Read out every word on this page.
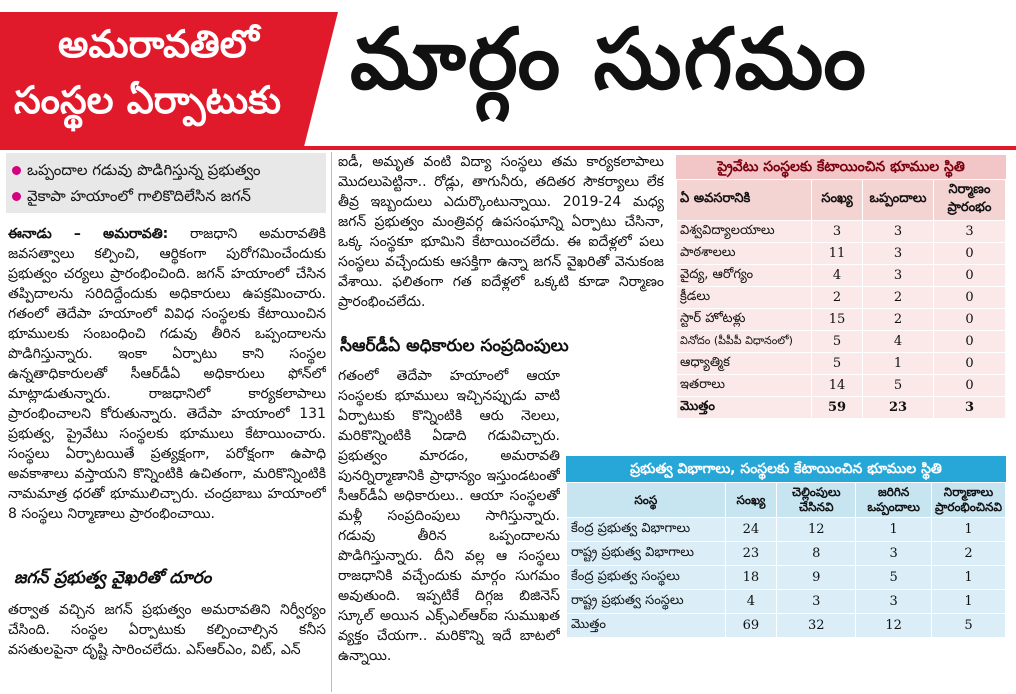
అమరావతిలో
సంస్థల ఏర్పాటుకు మార్గం సుగమం
ఒప్పందాల గడువు పొడిగిస్తున్న ప్రభుత్వం
వైకాపా హయాంలో గాలికొదిలేసిన జగన్
ఈనాడు – అమరావతి: రాజధాని అమరావతికి జవసత్వాలు కల్పించి, ఆర్థికంగా పురోగమించేందుకు ప్రభుత్వం చర్యలు ప్రారంభించింది. జగన్ హయాంలో చేసిన తప్పిదాలను సరిదిద్దేందుకు అధికారులు ఉపక్రమించారు. గతంలో తెదేపా హయాంలో వివిధ సంస్థలకు కేటాయించిన భూములకు సంబంధించి గడువు తీరిన ఒప్పందాలను పొడిగిస్తున్నారు. ఇంకా ఏర్పాటు కాని సంస్థల ఉన్నతాధికారులతో సీఆర్‌డీఏ అధికారులు ఫోన్‌లో మాట్లాడుతున్నారు. రాజధానిలో కార్యకలాపాలు ప్రారంభించాలని కోరుతున్నారు. తెదేపా హయాంలో 131 ప్రభుత్వ, ప్రైవేటు సంస్థలకు భూములు కేటాయించారు. సంస్థలు ఏర్పాటయితే ప్రత్యక్షంగా, పరోక్షంగా ఉపాధి అవకాశాలు వస్తాయని కొన్నింటికి ఉచితంగా, మరికొన్నింటికి నామమాత్ర ధరతో భూములిచ్చారు. చంద్రబాబు హయాంలో 8 సంస్థలు నిర్మాణాలు ప్రారంభించాయి.
జగన్ ప్రభుత్వ వైఖరితో దూరం
తర్వాత వచ్చిన జగన్ ప్రభుత్వం అమరావతిని నిర్వీర్యం చేసింది. సంస్థల ఏర్పాటుకు కల్పించాల్సిన కనీస వసతులపైనా దృష్టి సారించలేదు. ఎస్‌ఆర్‌ఎం, విట్, ఎన్
ఐడీ, అమృత వంటి విద్యా సంస్థలు తమ కార్యకలాపాలు మొదలుపెట్టినా.. రోడ్లు, తాగునీరు, తదితర సౌకర్యాలు లేక తీవ్ర ఇబ్బందులు ఎదుర్కొంటున్నాయి. 2019-24 మధ్య జగన్ ప్రభుత్వం మంత్రివర్గ ఉపసంఘాన్ని ఏర్పాటు చేసినా, ఒక్క సంస్థకూ భూమిని కేటాయించలేదు. ఈ ఐదేళ్లలో పలు సంస్థలు వచ్చేందుకు ఆసక్తిగా ఉన్నా జగన్ వైఖరితో వెనుకంజ వేశాయి. ఫలితంగా గత ఐదేళ్లలో ఒక్కటి కూడా నిర్మాణం ప్రారంభించలేదు.
సీఆర్‌డీఏ అధికారుల సంప్రదింపులు
గతంలో తెదేపా హయాంలో ఆయా సంస్థలకు భూములు ఇచ్చినప్పుడు వాటి ఏర్పాటుకు కొన్నింటికి ఆరు నెలలు, మరికొన్నింటికి ఏడాది గడువిచ్చారు. ప్రభుత్వం మారడం, అమరావతి పునర్నిర్మాణానికి ప్రాధాన్యం ఇస్తుండటంతో సీఆర్‌డీఏ అధికారులు.. ఆయా సంస్థలతో మళ్లీ సంప్రదింపులు సాగిస్తున్నారు. గడువు తీరిన ఒప్పందాలను పొడిగిస్తున్నారు. దీని వల్ల ఆ సంస్థలు రాజధానికి వచ్చేందుకు మార్గం సుగమం అవుతుంది. ఇప్పటికే దిగ్గజ బిజినెస్ స్కూల్ అయిన ఎక్స్‌ఎల్‌ఆర్‌ఐ సుముఖత వ్యక్తం చేయగా.. మరికొన్ని ఇదే బాటలో ఉన్నాయి.
ప్రైవేటు సంస్థలకు కేటాయించిన భూముల స్థితి
ఏ అవసరానికి	సంఖ్య	ఒప్పందాలు	నిర్మాణం ప్రారంభం
విశ్వవిద్యాలయాలు	3	3	3
పాఠశాలలు	11	3	0
వైద్య, ఆరోగ్యం	4	3	0
క్రీడలు	2	2	0
స్టార్ హోటళ్లు	15	2	0
వినోదం (పీపీపీ విధానంలో)	5	4	0
ఆధ్యాత్మిక	5	1	0
ఇతరాలు	14	5	0
మొత్తం	59	23	3
ప్రభుత్వ విభాగాలు, సంస్థలకు కేటాయించిన భూముల స్థితి
సంస్థ	సంఖ్య	చెల్లింపులు చేసినవి	జరిగిన ఒప్పందాలు	నిర్మాణాలు ప్రారంభించినవి
కేంద్ర ప్రభుత్వ విభాగాలు	24	12	1	1
రాష్ట్ర ప్రభుత్వ విభాగాలు	23	8	3	2
కేంద్ర ప్రభుత్వ సంస్థలు	18	9	5	1
రాష్ట్ర ప్రభుత్వ సంస్థలు	4	3	3	1
మొత్తం	69	32	12	5
